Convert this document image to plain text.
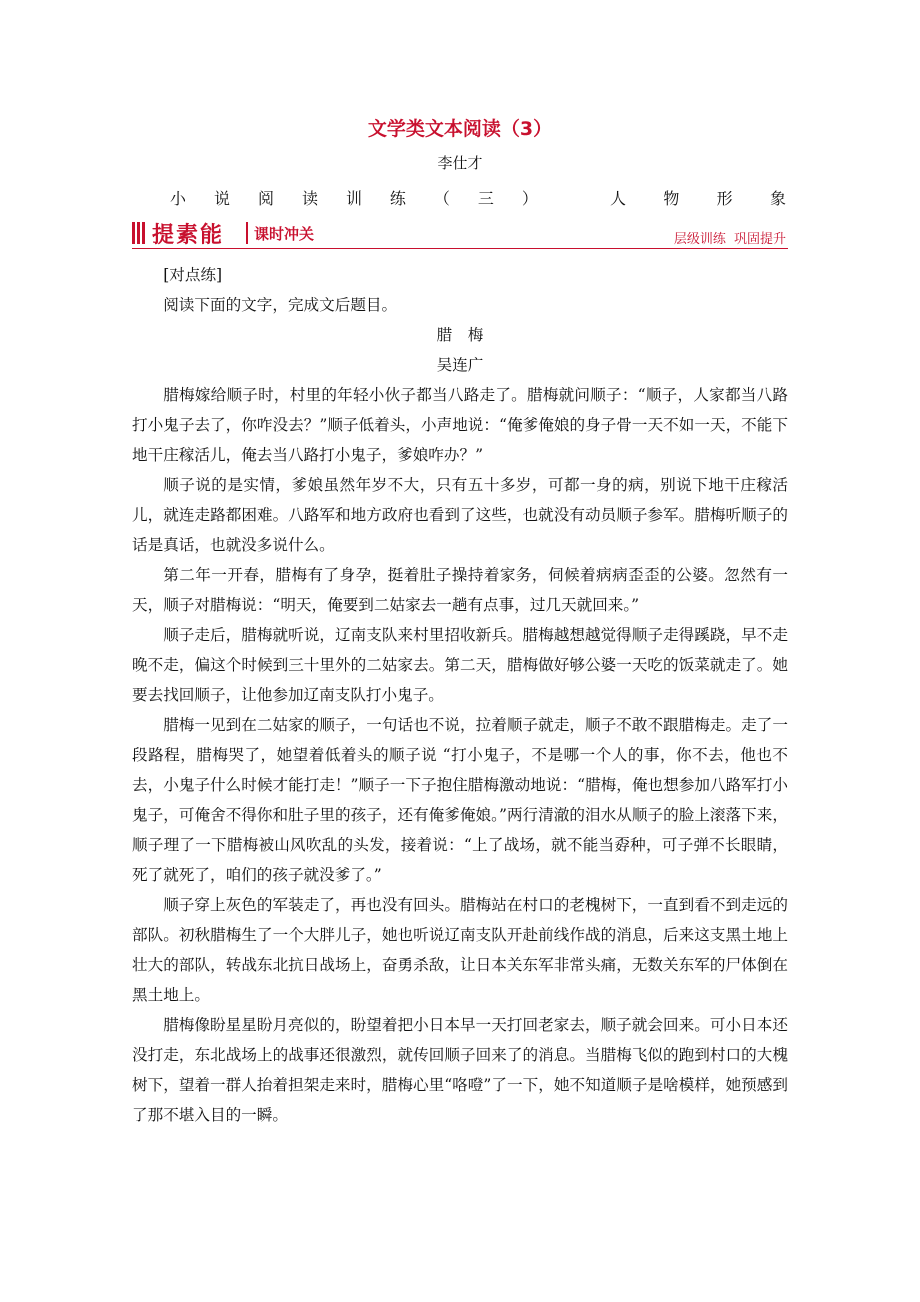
文学类文本阅读（3）
李仕才
小 说 阅 读 训 练 （ 三 ）	人 物 形 象
提素能 课时冲关	层级训练 巩固提升

[对点练]

阅读下面的文字，完成文后题目。

腊　梅

吴连广

腊梅嫁给顺子时，村里的年轻小伙子都当八路走了。腊梅就问顺子：“顺子，人家都当八路打小鬼子去了，你咋没去？”顺子低着头，小声地说：“俺爹俺娘的身子骨一天不如一天，不能下地干庄稼活儿，俺去当八路打小鬼子，爹娘咋办？”

顺子说的是实情，爹娘虽然年岁不大，只有五十多岁，可都一身的病，别说下地干庄稼活儿，就连走路都困难。八路军和地方政府也看到了这些，也就没有动员顺子参军。腊梅听顺子的话是真话，也就没多说什么。

第二年一开春，腊梅有了身孕，挺着肚子操持着家务，伺候着病病歪歪的公婆。忽然有一天，顺子对腊梅说：“明天，俺要到二姑家去一趟有点事，过几天就回来。”

顺子走后，腊梅就听说，辽南支队来村里招收新兵。腊梅越想越觉得顺子走得蹊跷，早不走晚不走，偏这个时候到三十里外的二姑家去。第二天，腊梅做好够公婆一天吃的饭菜就走了。她要去找回顺子，让他参加辽南支队打小鬼子。

腊梅一见到在二姑家的顺子，一句话也不说，拉着顺子就走，顺子不敢不跟腊梅走。走了一段路程，腊梅哭了，她望着低着头的顺子说 “打小鬼子，不是哪一个人的事，你不去，他也不去，小鬼子什么时候才能打走！”顺子一下子抱住腊梅激动地说：“腊梅，俺也想参加八路军打小鬼子，可俺舍不得你和肚子里的孩子，还有俺爹俺娘。”两行清澈的泪水从顺子的脸上滚落下来，顺子理了一下腊梅被山风吹乱的头发，接着说：“上了战场，就不能当孬种，可子弹不长眼睛，死了就死了，咱们的孩子就没爹了。”

顺子穿上灰色的军装走了，再也没有回头。腊梅站在村口的老槐树下，一直到看不到走远的部队。初秋腊梅生了一个大胖儿子，她也听说辽南支队开赴前线作战的消息，后来这支黑土地上壮大的部队，转战东北抗日战场上，奋勇杀敌，让日本关东军非常头痛，无数关东军的尸体倒在黑土地上。

腊梅像盼星星盼月亮似的，盼望着把小日本早一天打回老家去，顺子就会回来。可小日本还没打走，东北战场上的战事还很激烈，就传回顺子回来了的消息。当腊梅飞似的跑到村口的大槐树下，望着一群人抬着担架走来时，腊梅心里“咯噔”了一下，她不知道顺子是啥模样，她预感到了那不堪入目的一瞬。
